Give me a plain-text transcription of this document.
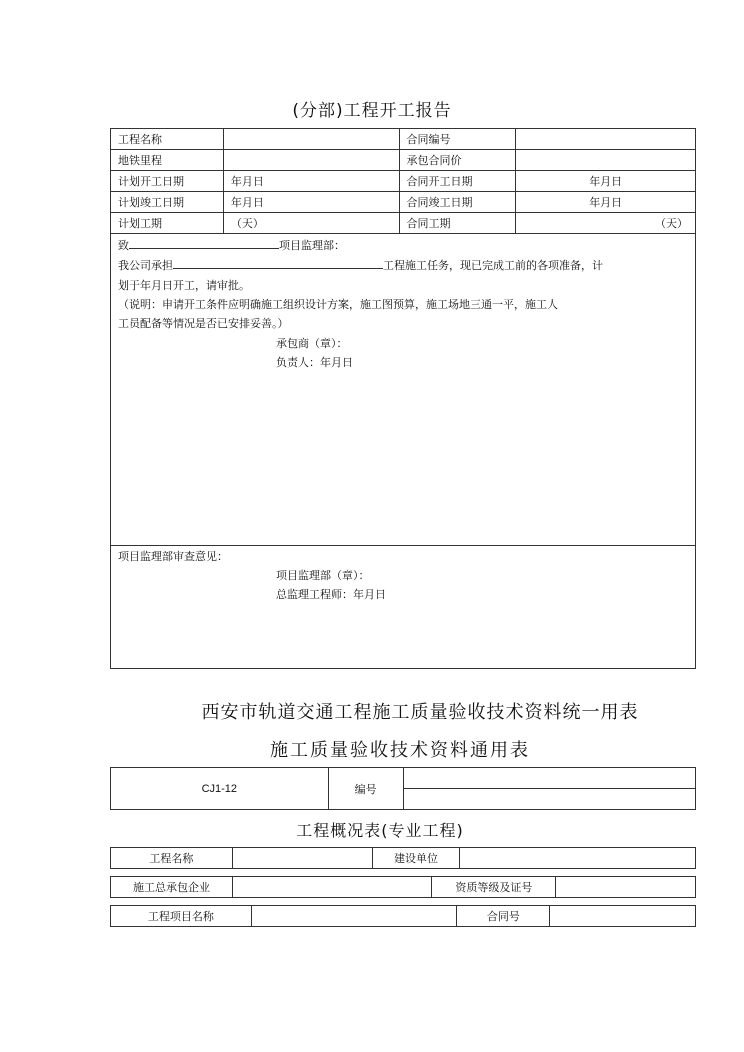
(分部)工程开工报告
工程名称		合同编号	
地铁里程		承包合同价	
计划开工日期	年月日	合同开工日期	年月日
计划竣工日期	年月日	合同竣工日期	年月日
计划工期	（天）	合同工期	（天）
致	项目监理部：
我公司承担	工程施工任务，现已完成工前的各项准备，计
划于年月日开工，请审批。
（说明：申请开工条件应明确施工组织设计方案，施工图预算，施工场地三通一平，施工人
工员配备等情况是否已安排妥善。）
承包商（章）：
负责人：年月日
项目监理部审查意见：
项目监理部（章）：
总监理工程师：年月日
西安市轨道交通工程施工质量验收技术资料统一用表
施工质量验收技术资料通用表
CJ1-12	编号	

工程概况表(专业工程)
工程名称		建设单位	
施工总承包企业		资质等级及证号	
工程项目名称		合同号	
